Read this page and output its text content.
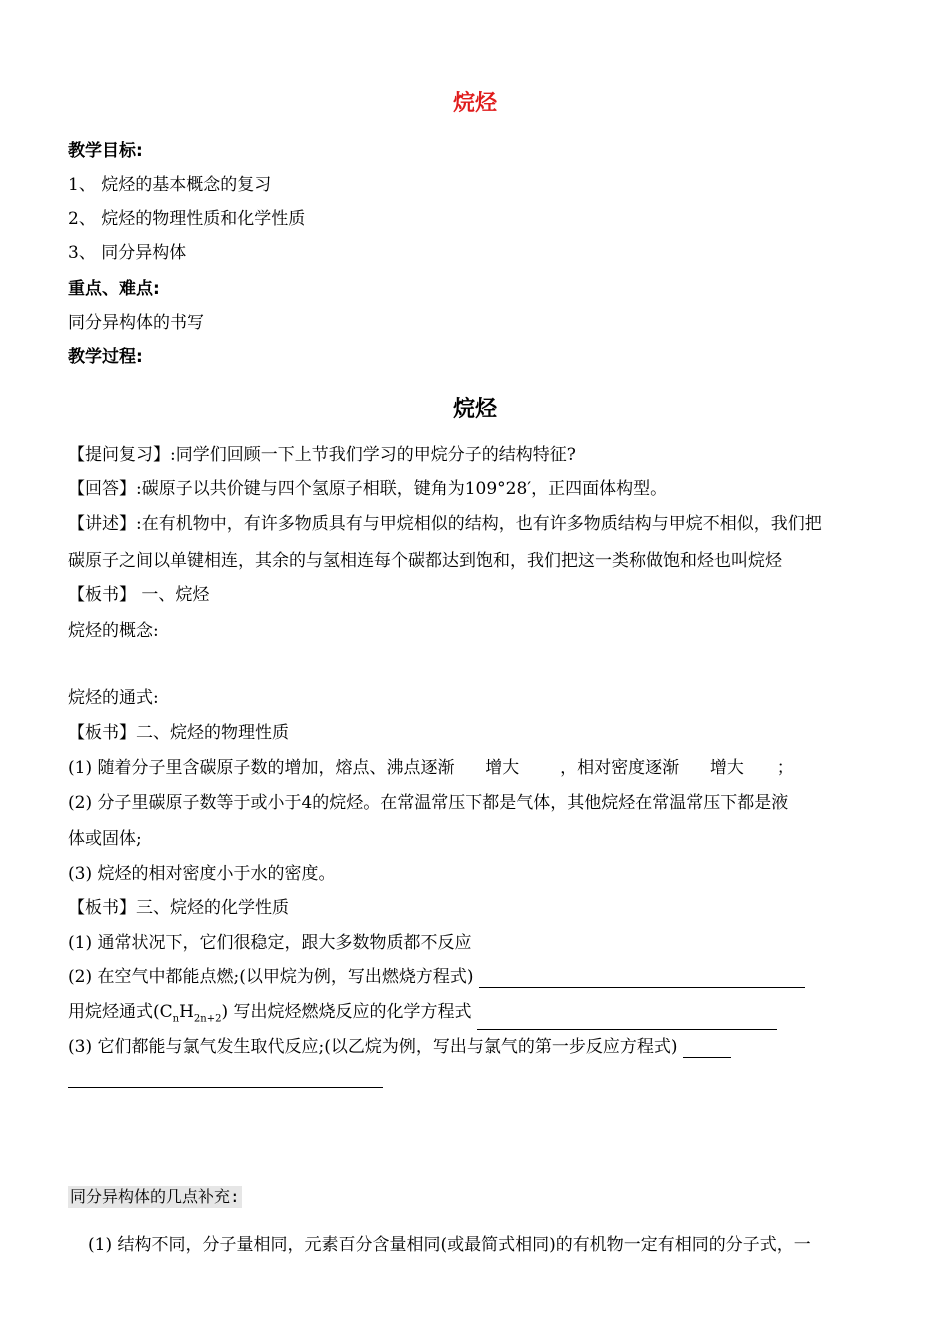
烷烃
教学目标:
1、 烷烃的基本概念的复习
2、 烷烃的物理性质和化学性质
3、 同分异构体
重点、难点:
同分异构体的书写
教学过程:
烷烃
【提问复习】:同学们回顾一下上节我们学习的甲烷分子的结构特征?
【回答】:碳原子以共价键与四个氢原子相联，键角为109°28′，正四面体构型。
【讲述】:在有机物中，有许多物质具有与甲烷相似的结构，也有许多物质结构与甲烷不相似，我们把
碳原子之间以单键相连，其余的与氢相连每个碳都达到饱和，我们把这一类称做饱和烃也叫烷烃
【板书】 一、烷烃
烷烃的概念:
烷烃的通式:
【板书】二、烷烃的物理性质
(1) 随着分子里含碳原子数的增加，熔点、沸点逐渐 增大 ，相对密度逐渐 增大 ；
(2) 分子里碳原子数等于或小于4的烷烃。在常温常压下都是气体，其他烷烃在常温常压下都是液
体或固体;
(3) 烷烃的相对密度小于水的密度。
【板书】三、烷烃的化学性质
(1) 通常状况下，它们很稳定，跟大多数物质都不反应
(2) 在空气中都能点燃;(以甲烷为例，写出燃烧方程式)
用烷烃通式$(C_nH_{2n+2})$ 写出烷烃燃烧反应的化学方程式
(3) 它们都能与氯气发生取代反应;(以乙烷为例，写出与氯气的第一步反应方程式)
同分异构体的几点补充:
(1) 结构不同，分子量相同，元素百分含量相同(或最简式相同)的有机物一定有相同的分子式，一
